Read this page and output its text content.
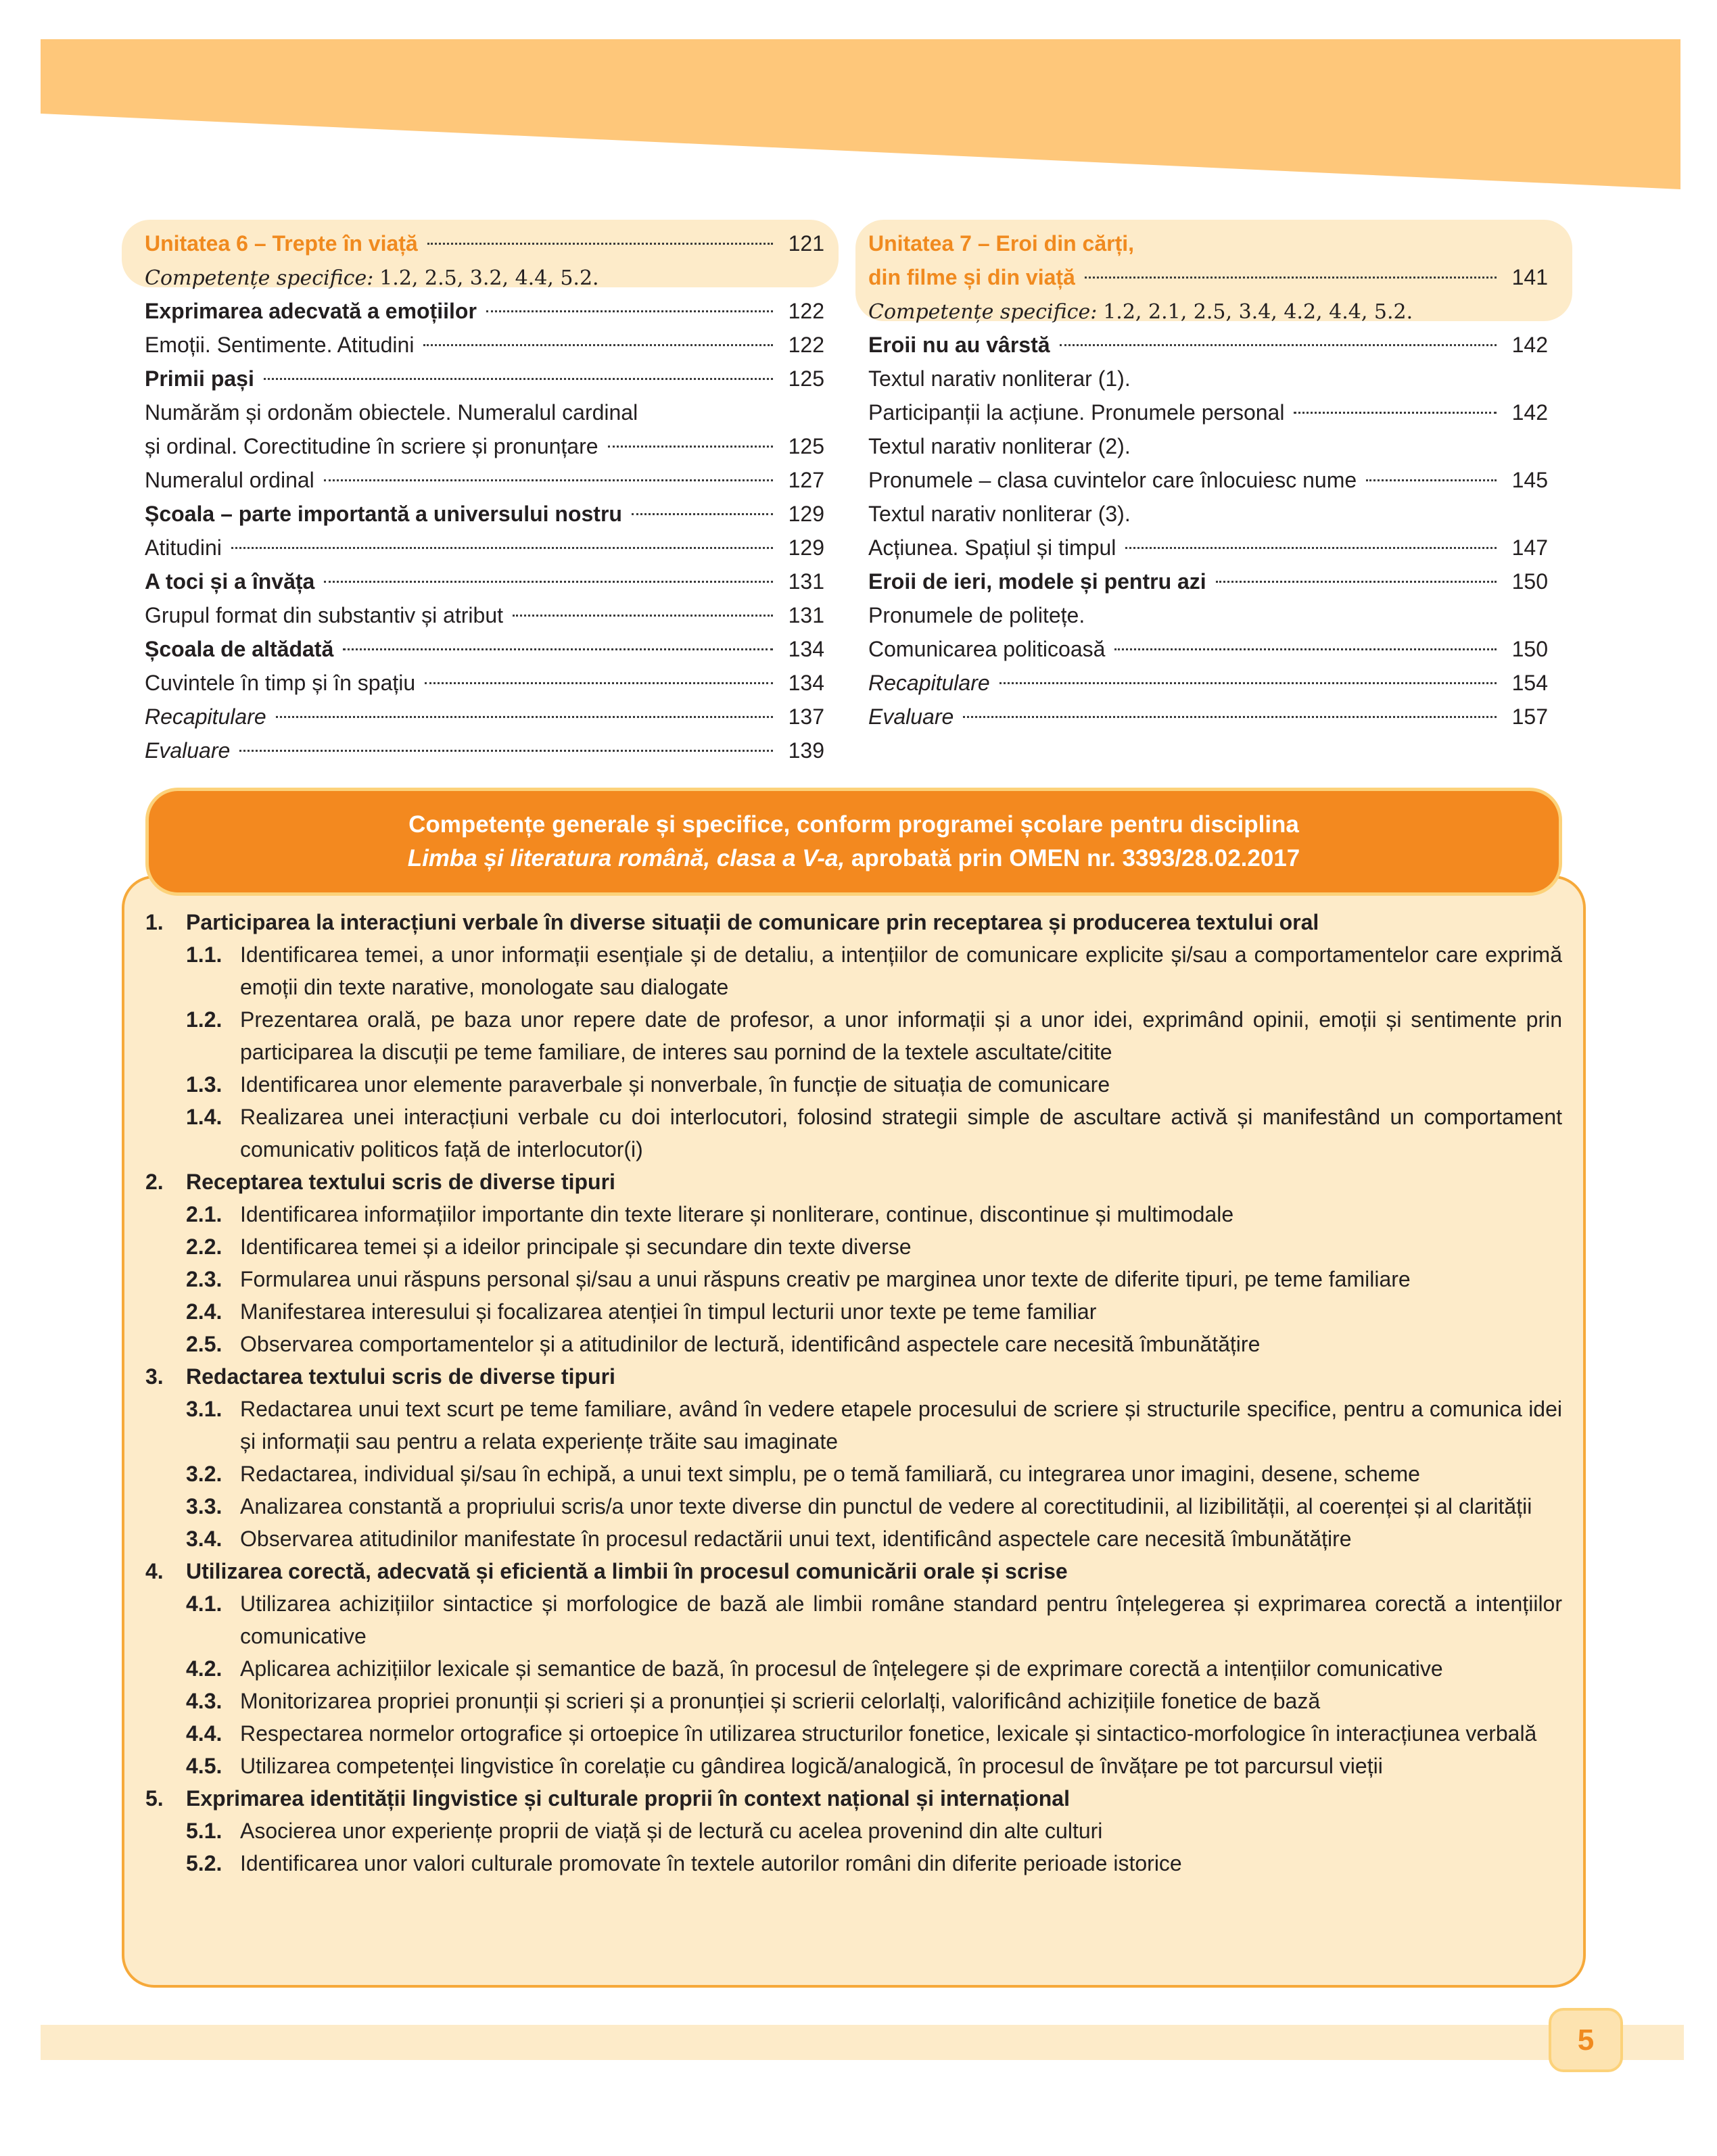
Unitatea 6 – Trepte în viață	121
Competențe specifice:
1.2, 2.5, 3.2, 4.4, 5.2.
Exprimarea adecvată a emoțiilor	122
Emoții. Sentimente. Atitudini	122
Primii pași	125
Numărăm și ordonăm obiectele. Numeralul cardinal
și ordinal. Corectitudine în scriere și pronunțare	125
Numeralul ordinal	127
Școala – parte importantă a universului nostru	129
Atitudini	129
A toci și a învăța	131
Grupul format din substantiv și atribut	131
Școala de altădată	134
Cuvintele în timp și în spațiu	134
Recapitulare	137
Evaluare	139
Unitatea 7 – Eroi din cărți,
din filme și din viață	141
Competențe specifice:
1.2, 2.1, 2.5, 3.4, 4.2, 4.4, 5.2.
Eroii nu au vârstă	142
Textul narativ nonliterar (1).
Participanții la acțiune. Pronumele personal	142
Textul narativ nonliterar (2).
Pronumele – clasa cuvintelor care înlocuiesc nume	145
Textul narativ nonliterar (3).
Acțiunea. Spațiul și timpul	147
Eroii de ieri, modele și pentru azi	150
Pronumele de politețe.
Comunicarea politicoasă	150
Recapitulare	154
Evaluare	157
Competențe generale și specifice, conform programei școlare pentru disciplina
Limba și literatura română, clasa a V-a, aprobată prin OMEN nr. 3393/28.02.2017
1.	Participarea la interacțiuni verbale în diverse situații de comunicare prin receptarea și producerea textului oral
1.1. Identificarea temei, a unor informații esențiale și de detaliu, a intențiilor de comunicare explicite și/sau a comportamentelor care exprimă emoții din texte narative, monologate sau dialogate
1.2. Prezentarea orală, pe baza unor repere date de profesor, a unor informații și a unor idei, exprimând opinii, emoții și sentimente prin participarea la discuții pe teme familiare, de interes sau pornind de la textele ascultate/citite
1.3. Identificarea unor elemente paraverbale și nonverbale, în funcție de situația de comunicare
1.4. Realizarea unei interacțiuni verbale cu doi interlocutori, folosind strategii simple de ascultare activă și manifestând un comportament comunicativ politicos față de interlocutor(i)
2.	Receptarea textului scris de diverse tipuri
2.1. Identificarea informațiilor importante din texte literare și nonliterare, continue, discontinue și multimodale
2.2. Identificarea temei și a ideilor principale și secundare din texte diverse
2.3. Formularea unui răspuns personal și/sau a unui răspuns creativ pe marginea unor texte de diferite tipuri, pe teme familiare
2.4. Manifestarea interesului și focalizarea atenției în timpul lecturii unor texte pe teme familiar
2.5. Observarea comportamentelor și a atitudinilor de lectură, identificând aspectele care necesită îmbunătățire
3.	Redactarea textului scris de diverse tipuri
3.1. Redactarea unui text scurt pe teme familiare, având în vedere etapele procesului de scriere și structurile specifice, pentru a comunica idei și informații sau pentru a relata experiențe trăite sau imaginate
3.2. Redactarea, individual și/sau în echipă, a unui text simplu, pe o temă familiară, cu integrarea unor imagini, desene, scheme
3.3. Analizarea constantă a propriului scris/a unor texte diverse din punctul de vedere al corectitudinii, al lizibilității, al coerenței și al clarității
3.4. Observarea atitudinilor manifestate în procesul redactării unui text, identificând aspectele care necesită îmbunătățire
4.	Utilizarea corectă, adecvată și eficientă a limbii în procesul comunicării orale și scrise
4.1. Utilizarea achizițiilor sintactice și morfologice de bază ale limbii române standard pentru înțelegerea și exprimarea corectă a intențiilor comunicative
4.2. Aplicarea achizițiilor lexicale și semantice de bază, în procesul de înțelegere și de exprimare corectă a intențiilor comunicative
4.3. Monitorizarea propriei pronunții și scrieri și a pronunției și scrierii celorlalți, valorificând achizițiile fonetice de bază
4.4. Respectarea normelor ortografice și ortoepice în utilizarea structurilor fonetice, lexicale și sintactico-morfologice în interacțiunea verbală
4.5. Utilizarea competenței lingvistice în corelație cu gândirea logică/analogică, în procesul de învățare pe tot parcursul vieții
5.	Exprimarea identității lingvistice și culturale proprii în context național și internațional
5.1. Asocierea unor experiențe proprii de viață și de lectură cu acelea provenind din alte culturi
5.2. Identificarea unor valori culturale promovate în textele autorilor români din diferite perioade istorice
5
